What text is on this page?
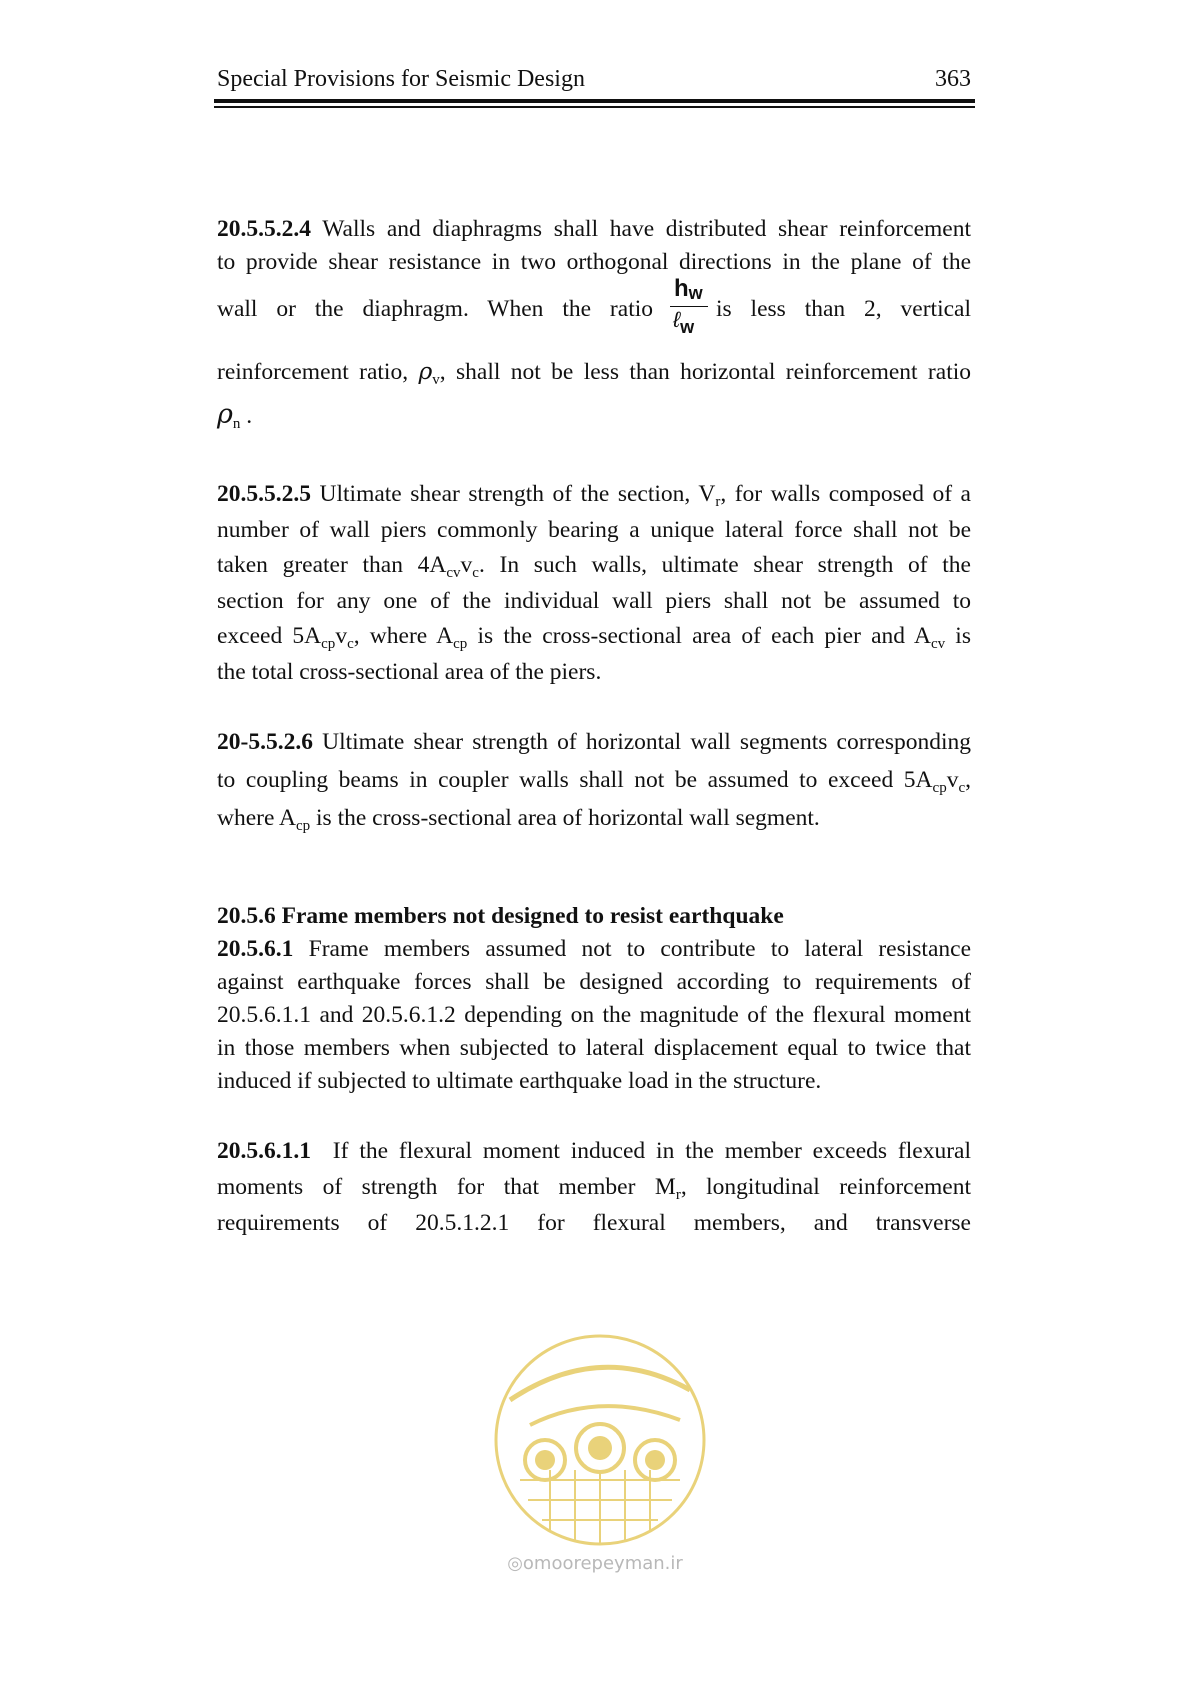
Special Provisions for Seismic Design	363
20.5.5.2.4 Walls and diaphragms shall have distributed shear reinforcement
to provide shear resistance in two orthogonal directions in the plane of the
wall or the diaphragm. When the ratio	is less than 2, vertical
$h_w$
ℓ$_w$
reinforcement ratio, $\rho_v$, shall not be less than horizontal reinforcement ratio
$\rho_n$ .
20.5.5.2.5 Ultimate shear strength of the section, $V_r$, for walls composed of a
number of wall piers commonly bearing a unique lateral force shall not be
taken greater than $4A_{cv}v_c$. In such walls, ultimate shear strength of the
section for any one of the individual wall piers shall not be assumed to
exceed $5A_{cp}v_c$, where $A_{cp}$ is the cross-sectional area of each pier and $A_{cv}$ is
the total cross-sectional area of the piers.
20-5.5.2.6 Ultimate shear strength of horizontal wall segments corresponding
to coupling beams in coupler walls shall not be assumed to exceed $5A_{cp}v_c$,
where $A_{cp}$ is the cross-sectional area of horizontal wall segment.
20.5.6 Frame members not designed to resist earthquake
20.5.6.1 Frame members assumed not to contribute to lateral resistance
against earthquake forces shall be designed according to requirements of
20.5.6.1.1 and 20.5.6.1.2 depending on the magnitude of the flexural moment
in those members when subjected to lateral displacement equal to twice that
induced if subjected to ultimate earthquake load in the structure.
20.5.6.1.1 If the flexural moment induced in the member exceeds flexural
moments of strength for that member $M_r$, longitudinal reinforcement
requirements of 20.5.1.2.1 for flexural members, and transverse
◎omoorepeyman.ir
